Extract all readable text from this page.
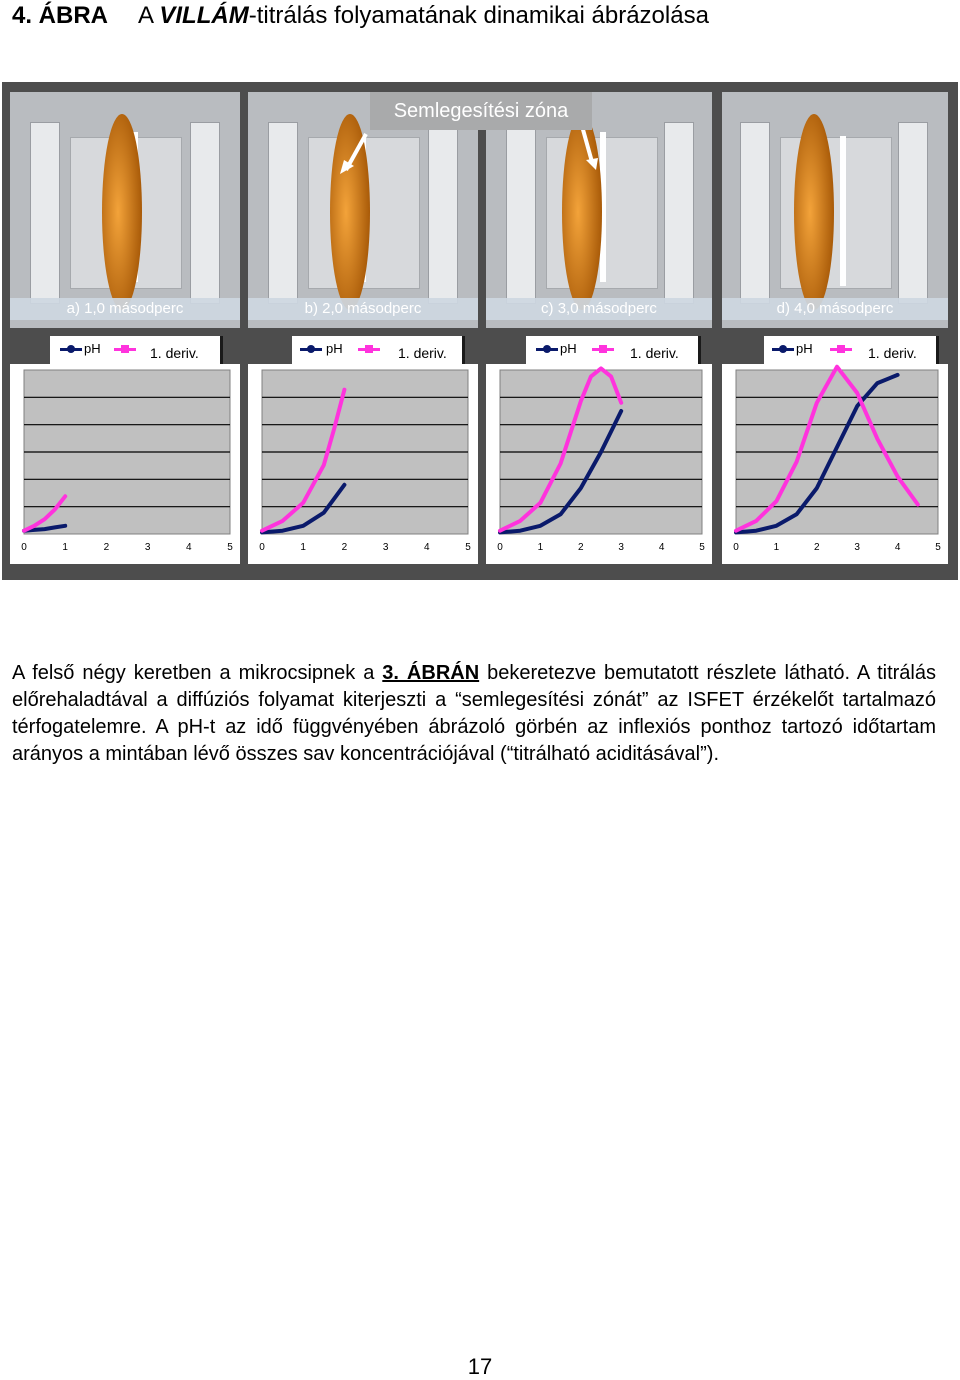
4. ÁBRA A VILLÁM-titrálás folyamatának dinamikai ábrázolása
a) 1,0 másodperc	b) 2,0 másodperc	c) 3,0 másodperc	d) 4,0 másodperc
Semlegesítési zóna
pH	1. deriv.	pH	1. deriv.	pH	1. deriv.	pH	1. deriv.
0	1	2	3	4	5	0	1	2	3	4	5	0	1	2	3	4	5	0	1	2	3	4	5
A felső négy keretben a mikrocsipnek a 3. ÁBRÁN bekeretezve bemutatott részlete látható. A titrálás előrehaladtával a diffúziós folyamat kiterjeszti a “semlegesítési zónát” az ISFET érzékelőt tartalmazó térfogatelemre. A pH-t az idő függvényében ábrázoló görbén az inflexiós ponthoz tartozó időtartam arányos a mintában lévő összes sav koncentrációjával (“titrálható aciditásával”).
17
